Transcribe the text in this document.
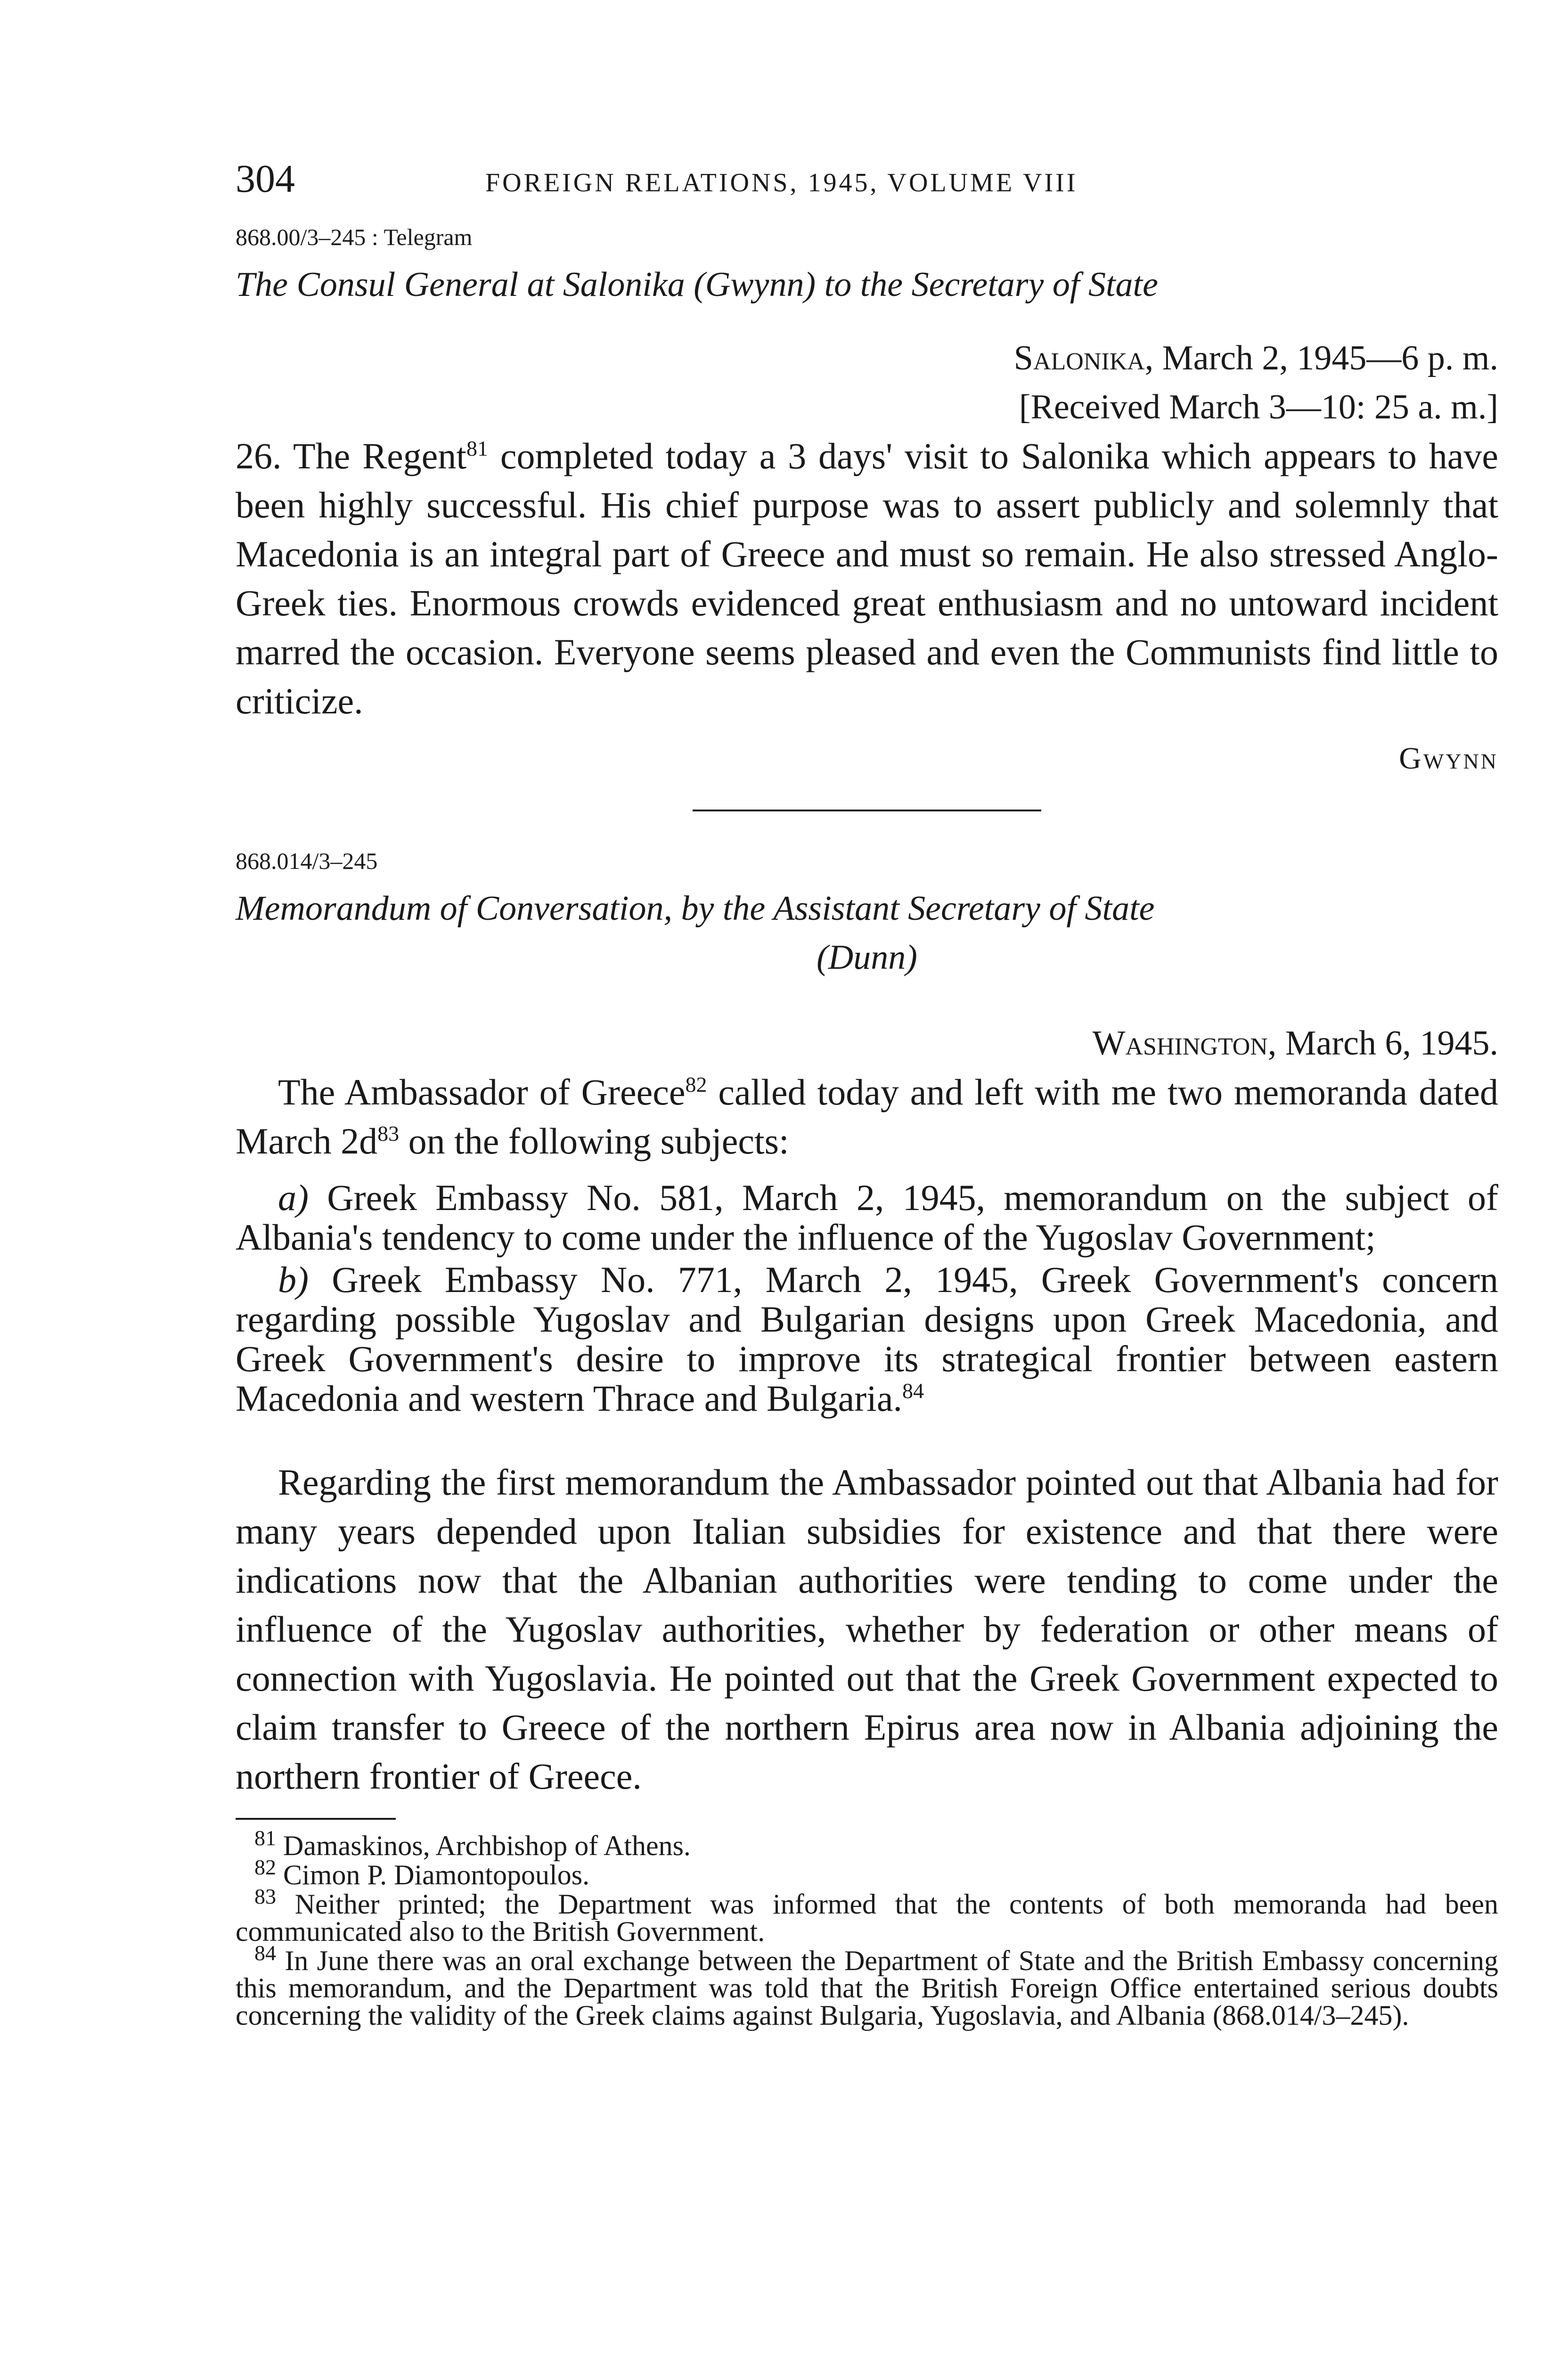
304	FOREIGN RELATIONS, 1945, VOLUME VIII
868.00/3–245 : Telegram
The Consul General at Salonika (Gwynn) to the Secretary of State
Salonika, March 2, 1945—6 p. m.
[Received March 3—10: 25 a. m.]

26. The Regent$^{81}$ completed today a 3 days' visit to Salonika which appears to have been highly successful. His chief purpose was to assert publicly and solemnly that Macedonia is an integral part of Greece and must so remain. He also stressed Anglo-Greek ties. Enormous crowds evidenced great enthusiasm and no untoward incident marred the occasion. Everyone seems pleased and even the Communists find little to criticize.

Gwynn
868.014/3–245
Memorandum of Conversation, by the Assistant Secretary of State
(Dunn)
Washington, March 6, 1945.

The Ambassador of Greece$^{82}$ called today and left with me two memoranda dated March $2d^{83}$ on the following subjects:

a) Greek Embassy No. 581, March 2, 1945, memorandum on the subject of Albania's tendency to come under the influence of the Yugoslav Government;

b) Greek Embassy No. 771, March 2, 1945, Greek Government's concern regarding possible Yugoslav and Bulgarian designs upon Greek Macedonia, and Greek Government's desire to improve its strategical frontier between eastern Macedonia and western Thrace and Bulgaria.$^{84}$

Regarding the first memorandum the Ambassador pointed out that Albania had for many years depended upon Italian subsidies for existence and that there were indications now that the Albanian authorities were tending to come under the influence of the Yugoslav authorities, whether by federation or other means of connection with Yugoslavia. He pointed out that the Greek Government expected to claim transfer to Greece of the northern Epirus area now in Albania adjoining the northern frontier of Greece.

$^{81}$ Damaskinos, Archbishop of Athens.

$^{82}$ Cimon P. Diamontopoulos.

$^{83}$ Neither printed; the Department was informed that the contents of both memoranda had been communicated also to the British Government.

$^{84}$ In June there was an oral exchange between the Department of State and the British Embassy concerning this memorandum, and the Department was told that the British Foreign Office entertained serious doubts concerning the validity of the Greek claims against Bulgaria, Yugoslavia, and Albania (868.014/3–245).
